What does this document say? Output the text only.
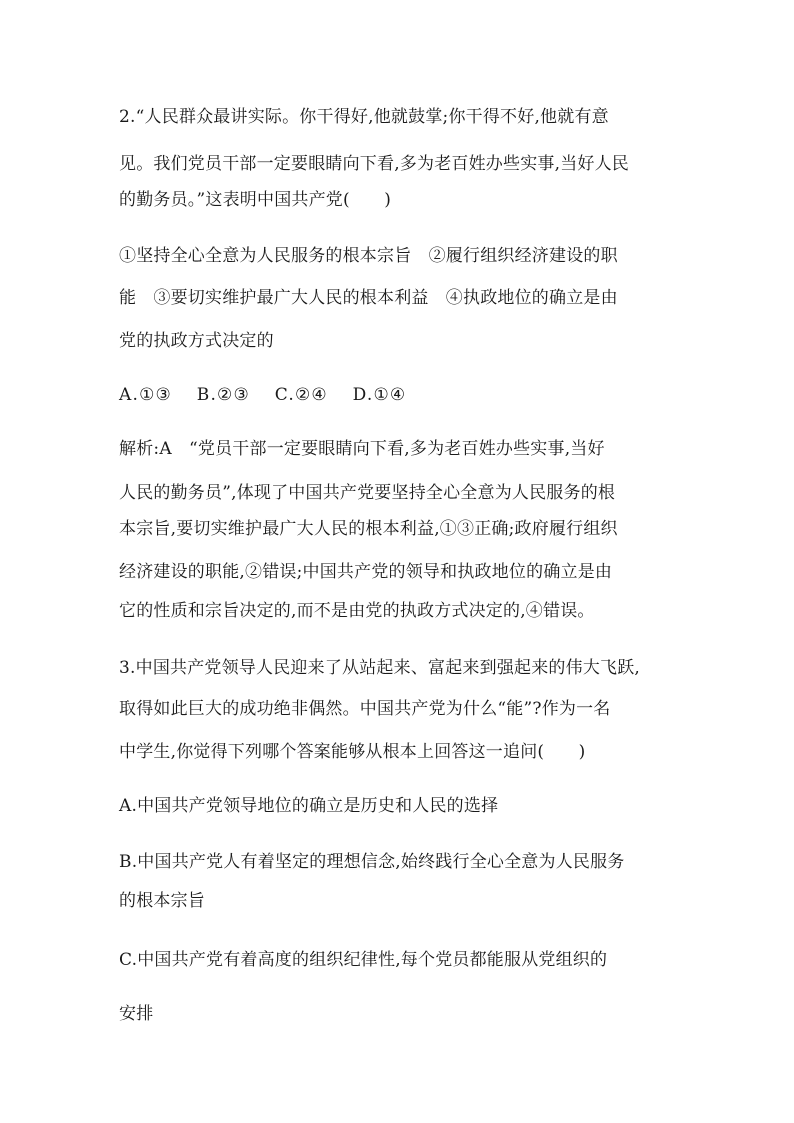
2.“人民群众最讲实际。你干得好,他就鼓掌;你干得不好,他就有意
见。我们党员干部一定要眼睛向下看,多为老百姓办些实事,当好人民
的勤务员。”这表明中国共产党(　　)
①坚持全心全意为人民服务的根本宗旨　②履行组织经济建设的职
能　③要切实维护最广大人民的根本利益　④执政地位的确立是由
党的执政方式决定的
A.①③　 B.②③　 C.②④　 D.①④
解析:A　“党员干部一定要眼睛向下看,多为老百姓办些实事,当好
人民的勤务员”,体现了中国共产党要坚持全心全意为人民服务的根
本宗旨,要切实维护最广大人民的根本利益,①③正确;政府履行组织
经济建设的职能,②错误;中国共产党的领导和执政地位的确立是由
它的性质和宗旨决定的,而不是由党的执政方式决定的,④错误。
3.中国共产党领导人民迎来了从站起来、富起来到强起来的伟大飞跃,
取得如此巨大的成功绝非偶然。中国共产党为什么“能”?作为一名
中学生,你觉得下列哪个答案能够从根本上回答这一追问(　　)
A.中国共产党领导地位的确立是历史和人民的选择
B.中国共产党人有着坚定的理想信念,始终践行全心全意为人民服务
的根本宗旨
C.中国共产党有着高度的组织纪律性,每个党员都能服从党组织的
安排
